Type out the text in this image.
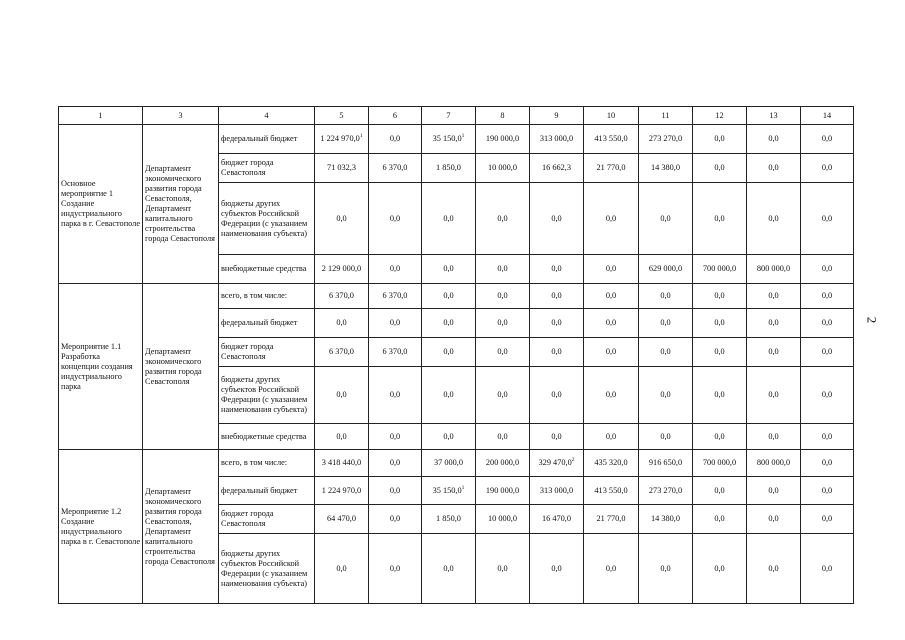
1	3	4	5	6	7	8	9	10	11	12	13	14
Основное мероприятие 1 Создание индустриального парка в г. Севастополе	Департамент экономического развития города Севастополя, Департамент капитального строительства города Севастополя	федеральный бюджет	1 224 970,0$^1$	0,0	35 150,0$^1$	190 000,0	313 000,0	413 550,0	273 270,0	0,0	0,0	0,0
		бюджет города Севастополя	71 032,3	6 370,0	1 850,0	10 000,0	16 662,3	21 770,0	14 380,0	0,0	0,0	0,0
		бюджеты других субъектов Российской Федерации (с указанием наименования субъекта)	0,0	0,0	0,0	0,0	0,0	0,0	0,0	0,0	0,0	0,0
		внебюджетные средства	2 129 000,0	0,0	0,0	0,0	0,0	0,0	629 000,0	700 000,0	800 000,0	0,0
Мероприятие 1.1 Разработка концепции создания индустриального парка	Департамент экономического развития города Севастополя	всего, в том числе:	6 370,0	6 370,0	0,0	0,0	0,0	0,0	0,0	0,0	0,0	0,0
		федеральный бюджет	0,0	0,0	0,0	0,0	0,0	0,0	0,0	0,0	0,0	0,0
		бюджет города Севастополя	6 370,0	6 370,0	0,0	0,0	0,0	0,0	0,0	0,0	0,0	0,0
		бюджеты других субъектов Российской Федерации (с указанием наименования субъекта)	0,0	0,0	0,0	0,0	0,0	0,0	0,0	0,0	0,0	0,0
		внебюджетные средства	0,0	0,0	0,0	0,0	0,0	0,0	0,0	0,0	0,0	0,0
Мероприятие 1.2 Создание индустриального парка в г. Севастополе	Департамент экономического развития города Севастополя, Департамент капитального строительства города Севастополя	всего, в том числе:	3 418 440,0	0,0	37 000,0	200 000,0	329 470,0$^2$	435 320,0	916 650,0	700 000,0	800 000,0	0,0
		федеральный бюджет	1 224 970,0	0,0	35 150,0$^1$	190 000,0	313 000,0	413 550,0	273 270,0	0,0	0,0	0,0
		бюджет города Севастополя	64 470,0	0,0	1 850,0	10 000,0	16 470,0	21 770,0	14 380,0	0,0	0,0	0,0
		бюджеты других субъектов Российской Федерации (с указанием наименования субъекта)	0,0	0,0	0,0	0,0	0,0	0,0	0,0	0,0	0,0	0,0
2
